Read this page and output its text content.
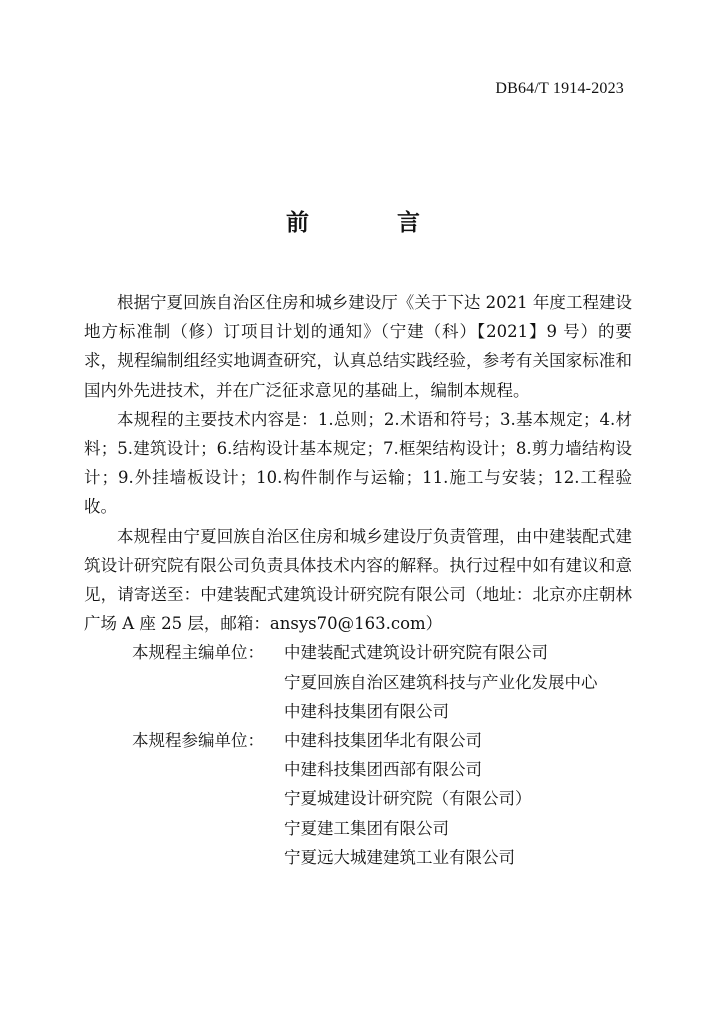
DB64/T 1914-2023
前 言

根据宁夏回族自治区住房和城乡建设厅《关于下达 2021 年度工程建设地方标准制（修）订项目计划的通知》（宁建（科）【2021】9 号）的要求，规程编制组经实地调查研究，认真总结实践经验，参考有关国家标准和国内外先进技术，并在广泛征求意见的基础上，编制本规程。

本规程的主要技术内容是：1.总则；2.术语和符号；3.基本规定；4.材料；5.建筑设计；6.结构设计基本规定；7.框架结构设计；8.剪力墙结构设计；9.外挂墙板设计；10.构件制作与运输；11.施工与安装；12.工程验收。

本规程由宁夏回族自治区住房和城乡建设厅负责管理，由中建装配式建筑设计研究院有限公司负责具体技术内容的解释。执行过程中如有建议和意见，请寄送至：中建装配式建筑设计研究院有限公司（地址：北京亦庄朝林广场 A 座 25 层，邮箱：ansys70@163.com）

本规程主编单位：	中建装配式建筑设计研究院有限公司
宁夏回族自治区建筑科技与产业化发展中心
中建科技集团有限公司
本规程参编单位：	中建科技集团华北有限公司
中建科技集团西部有限公司
宁夏城建设计研究院（有限公司）
宁夏建工集团有限公司
宁夏远大城建建筑工业有限公司
